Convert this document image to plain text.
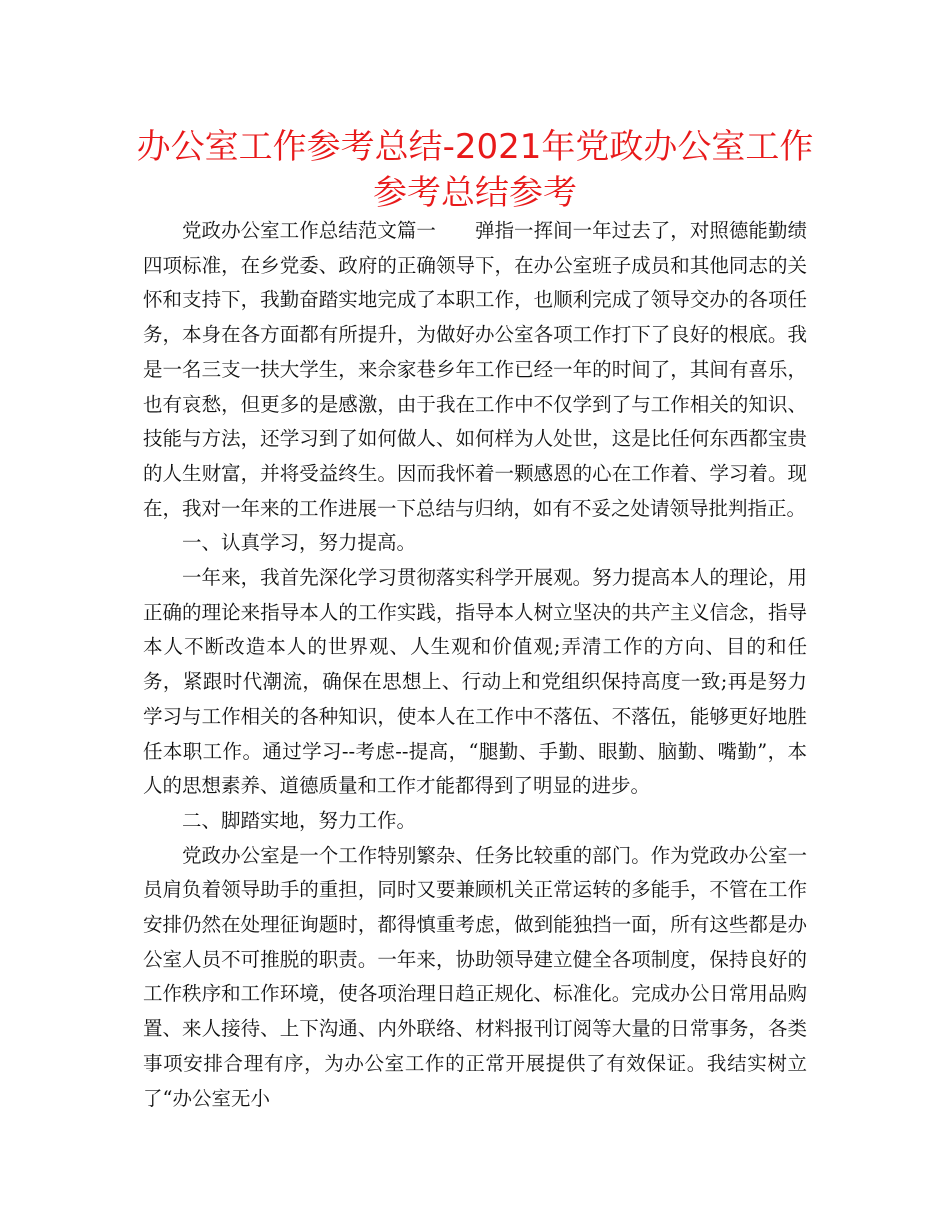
办公室工作参考总结-2021年党政办公室工作参考总结参考

党政办公室工作总结范文篇一　　弹指一挥间一年过去了，对照德能勤绩四项标准，在乡党委、政府的正确领导下，在办公室班子成员和其他同志的关怀和支持下，我勤奋踏实地完成了本职工作，也顺利完成了领导交办的各项任务，本身在各方面都有所提升，为做好办公室各项工作打下了良好的根底。我是一名三支一扶大学生，来佘家巷乡年工作已经一年的时间了，其间有喜乐，也有哀愁，但更多的是感激，由于我在工作中不仅学到了与工作相关的知识、技能与方法，还学习到了如何做人、如何样为人处世，这是比任何东西都宝贵的人生财富，并将受益终生。因而我怀着一颗感恩的心在工作着、学习着。现在，我对一年来的工作进展一下总结与归纳，如有不妥之处请领导批判指正。

一、认真学习，努力提高。

一年来，我首先深化学习贯彻落实科学开展观。努力提高本人的理论，用正确的理论来指导本人的工作实践，指导本人树立坚决的共产主义信念，指导本人不断改造本人的世界观、人生观和价值观;弄清工作的方向、目的和任务，紧跟时代潮流，确保在思想上、行动上和党组织保持高度一致;再是努力学习与工作相关的各种知识，使本人在工作中不落伍、不落伍，能够更好地胜任本职工作。通过学习--考虑--提高，“腿勤、手勤、眼勤、脑勤、嘴勤”，本人的思想素养、道德质量和工作才能都得到了明显的进步。

二、脚踏实地，努力工作。

党政办公室是一个工作特别繁杂、任务比较重的部门。作为党政办公室一员肩负着领导助手的重担，同时又要兼顾机关正常运转的多能手，不管在工作安排仍然在处理征询题时，都得慎重考虑，做到能独挡一面，所有这些都是办公室人员不可推脱的职责。一年来，协助领导建立健全各项制度，保持良好的工作秩序和工作环境，使各项治理日趋正规化、标准化。完成办公日常用品购置、来人接待、上下沟通、内外联络、材料报刊订阅等大量的日常事务，各类事项安排合理有序，为办公室工作的正常开展提供了有效保证。我结实树立了“办公室无小
